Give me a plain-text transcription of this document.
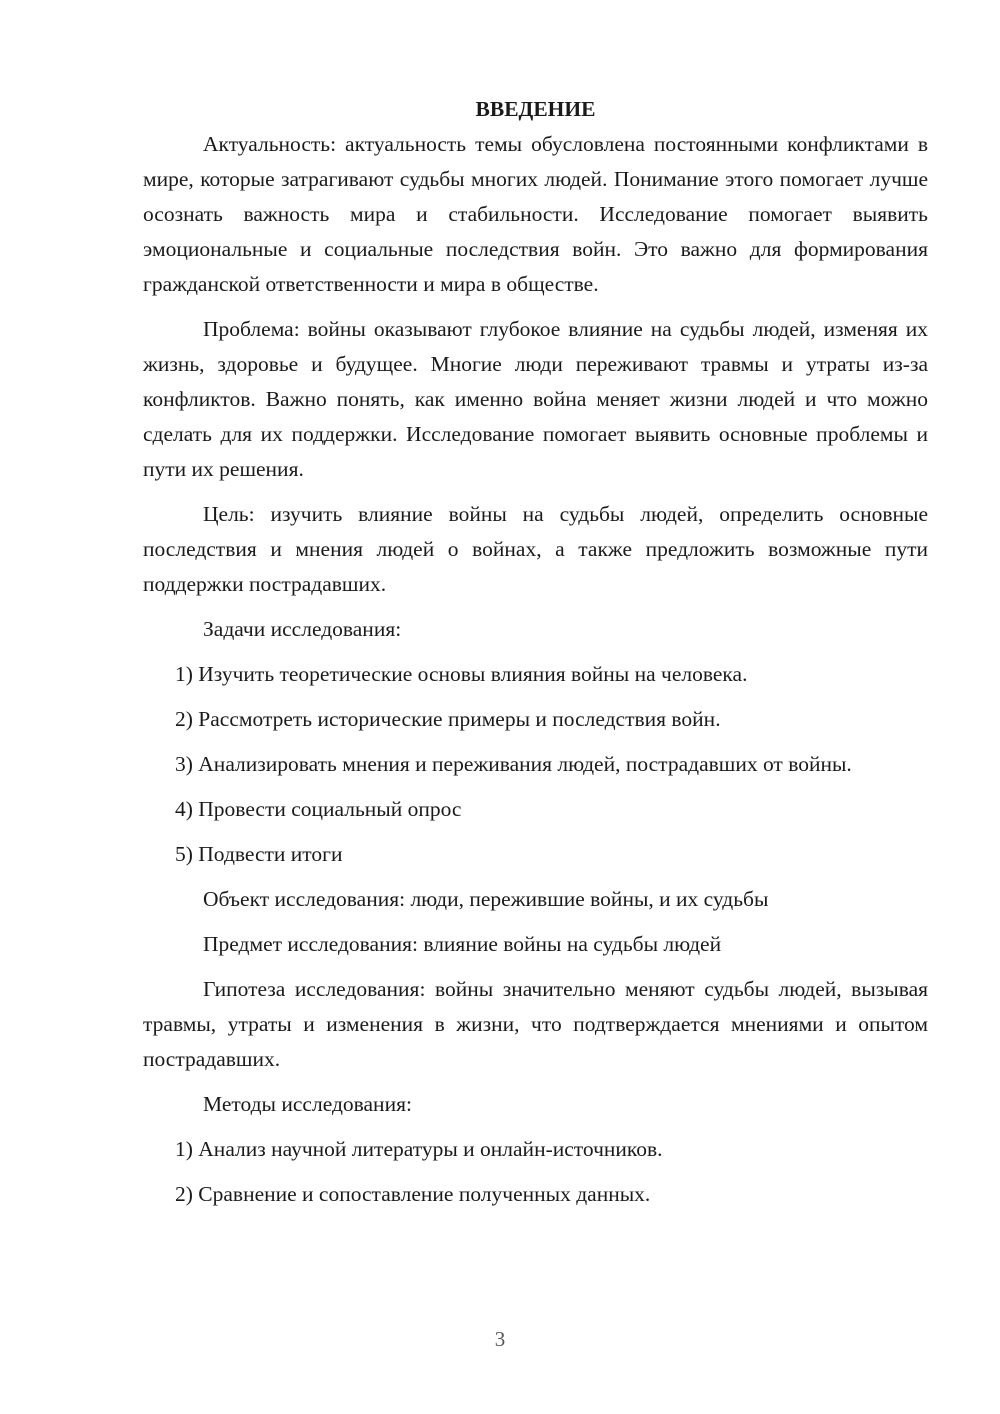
ВВЕДЕНИЕ

Актуальность: актуальность темы обусловлена постоянными конфликтами в мире, которые затрагивают судьбы многих людей. Понимание этого помогает лучше осознать важность мира и стабильности. Исследование помогает выявить эмоциональные и социальные последствия войн. Это важно для формирования гражданской ответственности и мира в обществе.

Проблема: войны оказывают глубокое влияние на судьбы людей, изменяя их жизнь, здоровье и будущее. Многие люди переживают травмы и утраты из-за конфликтов. Важно понять, как именно война меняет жизни людей и что можно сделать для их поддержки. Исследование помогает выявить основные проблемы и пути их решения.

Цель: изучить влияние войны на судьбы людей, определить основные последствия и мнения людей о войнах, а также предложить возможные пути поддержки пострадавших.

Задачи исследования:

1) Изучить теоретические основы влияния войны на человека.

2) Рассмотреть исторические примеры и последствия войн.

3) Анализировать мнения и переживания людей, пострадавших от войны.

4) Провести социальный опрос

5) Подвести итоги

Объект исследования: люди, пережившие войны, и их судьбы

Предмет исследования: влияние войны на судьбы людей

Гипотеза исследования: войны значительно меняют судьбы людей, вызывая травмы, утраты и изменения в жизни, что подтверждается мнениями и опытом пострадавших.

Методы исследования:

1) Анализ научной литературы и онлайн-источников.

2) Сравнение и сопоставление полученных данных.

3
